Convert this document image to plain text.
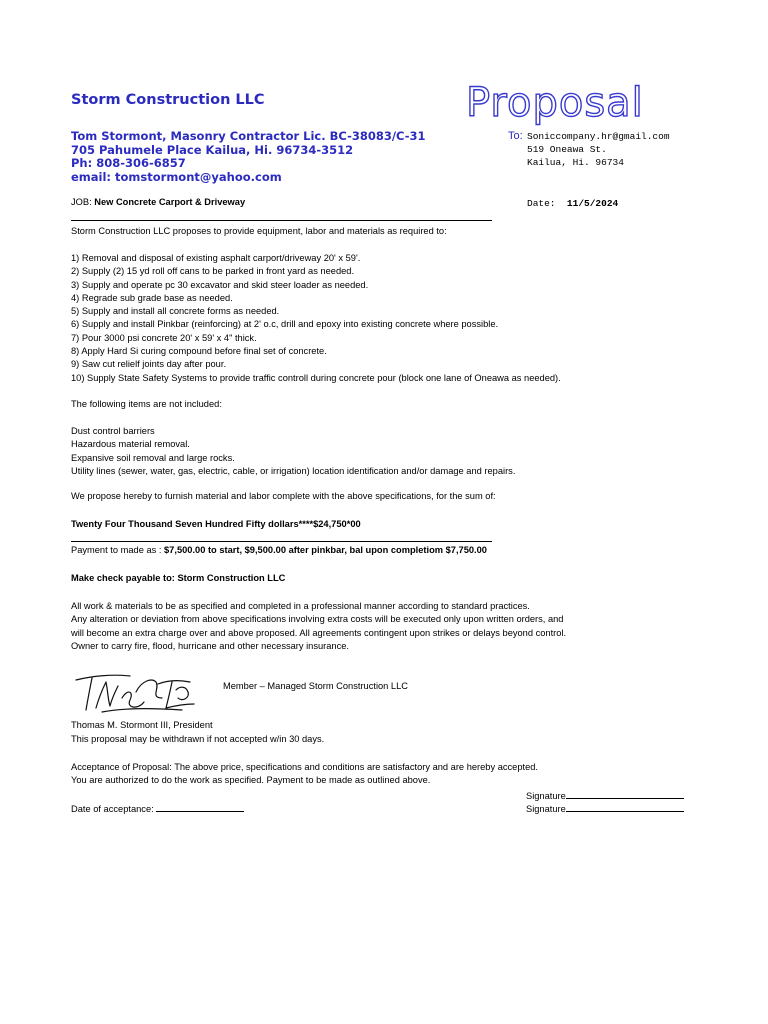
Storm Construction LLC	Proposal
Tom Stormont, Masonry Contractor Lic. BC-38083/C-31
705 Pahumele Place Kailua, Hi. 96734-3512
Ph: 808-306-6857
email: tomstormont@yahoo.com
To: Soniccompany.hr@gmail.com
519 Oneawa St.
Kailua, Hi. 96734
JOB: New Concrete Carport & Driveway	Date: 11/5/2024
Storm Construction LLC proposes to provide equipment, labor and materials as required to:
1) Removal and disposal of existing asphalt carport/driveway 20' x 59'.
2) Supply (2) 15 yd roll off cans to be parked in front yard as needed.
3) Supply and operate pc 30 excavator and skid steer loader as needed.
4) Regrade sub grade base as needed.
5) Supply and install all concrete forms as needed.
6) Supply and install Pinkbar (reinforcing) at 2' o.c, drill and epoxy into existing concrete where possible.
7) Pour 3000 psi concrete 20' x 59' x 4" thick.
8) Apply Hard Si curing compound before final set of concrete.
9) Saw cut relielf joints day after pour.
10) Supply State Safety Systems to provide traffic controll during concrete pour (block one lane of Oneawa as needed).
The following items are not included:
Dust control barriers
Hazardous material removal.
Expansive soil removal and large rocks.
Utility lines (sewer, water, gas, electric, cable, or irrigation) location identification and/or damage and repairs.
We propose hereby to furnish material and labor complete with the above specifications, for the sum of:
Twenty Four Thousand Seven Hundred Fifty dollars****$24,750*00
Payment to made as : $7,500.00 to start, $9,500.00 after pinkbar, bal upon completiom $7,750.00
Make check payable to: Storm Construction LLC
All work & materials to be as specified and completed in a professional manner according to standard practices.
Any alteration or deviation from above specifications involving extra costs will be executed only upon written orders, and
will become an extra charge over and above proposed. All agreements contingent upon strikes or delays beyond control.
Owner to carry fire, flood, hurricane and other necessary insurance.
Member – Managed Storm Construction LLC
Thomas M. Stormont III, President
This proposal may be withdrawn if not accepted w/in 30 days.
Acceptance of Proposal: The above price, specifications and conditions are satisfactory and are hereby accepted.
You are authorized to do the work as specified. Payment to be made as outlined above.
Signature
Signature
Date of acceptance:
